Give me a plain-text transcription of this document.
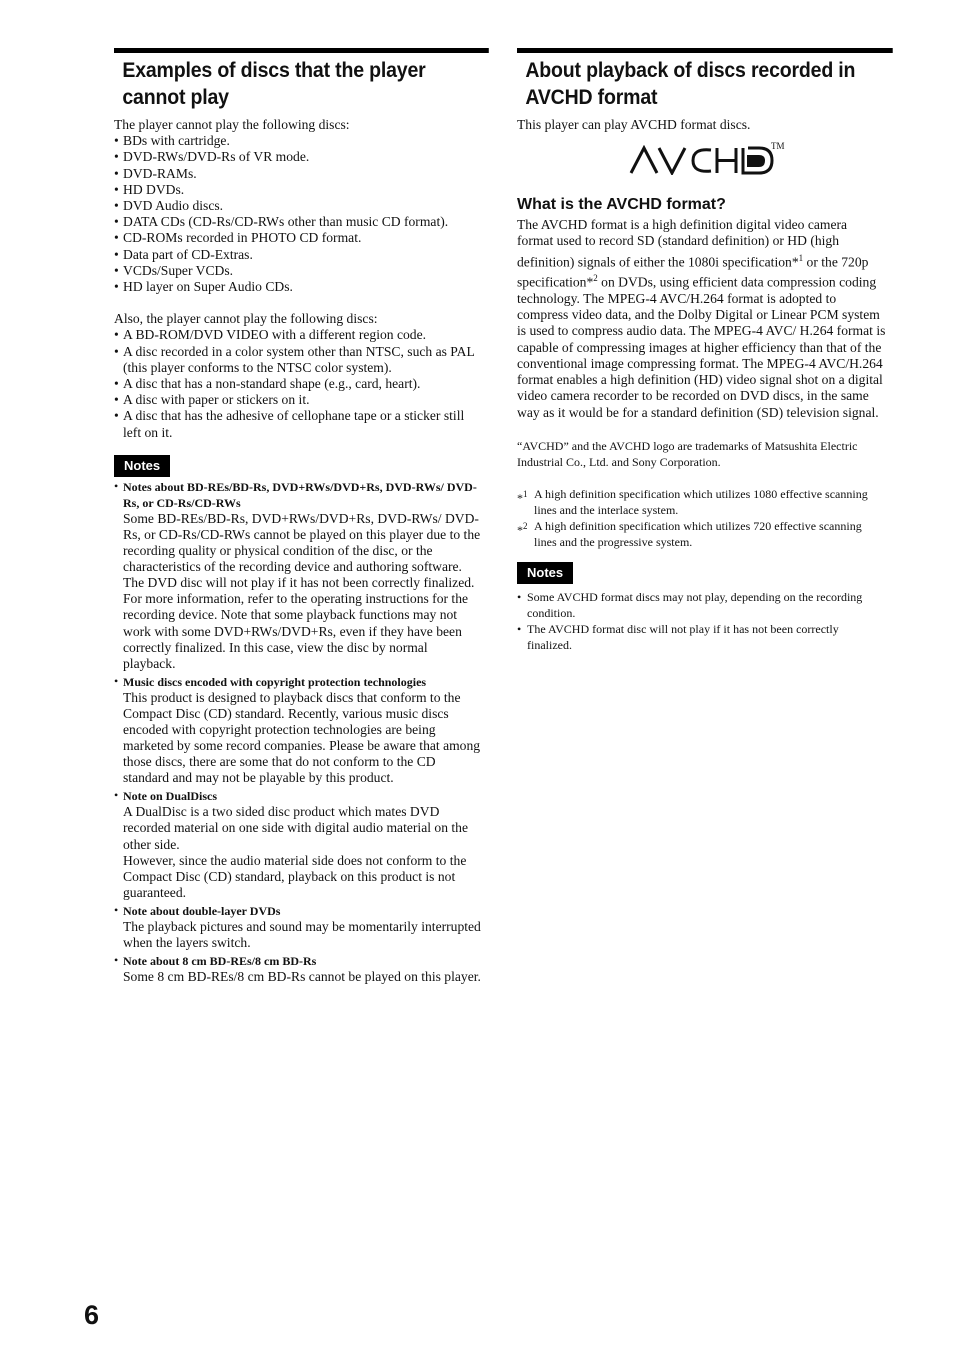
Examples of discs that the player cannot play

The player cannot play the following discs:

• BDs with cartridge.
• DVD-RWs/DVD-Rs of VR mode.
• DVD-RAMs.
• HD DVDs.
• DVD Audio discs.
• DATA CDs (CD-Rs/CD-RWs other than music CD format).
• CD-ROMs recorded in PHOTO CD format.
• Data part of CD-Extras.
• VCDs/Super VCDs.
• HD layer on Super Audio CDs.

Also, the player cannot play the following discs:

• A BD-ROM/DVD VIDEO with a different region code.
• A disc recorded in a color system other than NTSC, such as PAL (this player conforms to the NTSC color system).
• A disc that has a non-standard shape (e.g., card, heart).
• A disc with paper or stickers on it.
• A disc that has the adhesive of cellophane tape or a sticker still left on it.
Notes
• Notes about BD-REs/BD-Rs, DVD+RWs/DVD+Rs, DVD-RWs/ DVD-Rs, or CD-Rs/CD-RWs
Some BD-REs/BD-Rs, DVD+RWs/DVD+Rs, DVD-RWs/ DVD-Rs, or CD-Rs/CD-RWs cannot be played on this player due to the recording quality or physical condition of the disc, or the characteristics of the recording device and authoring software.
The DVD disc will not play if it has not been correctly finalized. For more information, refer to the operating instructions for the recording device. Note that some playback functions may not work with some DVD+RWs/DVD+Rs, even if they have been correctly finalized. In this case, view the disc by normal playback.
• Music discs encoded with copyright protection technologies
This product is designed to playback discs that conform to the Compact Disc (CD) standard. Recently, various music discs encoded with copyright protection technologies are being marketed by some record companies. Please be aware that among those discs, there are some that do not conform to the CD standard and may not be playable by this product.
• Note on DualDiscs
A DualDisc is a two sided disc product which mates DVD recorded material on one side with digital audio material on the other side.
However, since the audio material side does not conform to the Compact Disc (CD) standard, playback on this product is not guaranteed.
• Note about double-layer DVDs
The playback pictures and sound may be momentarily interrupted when the layers switch.
• Note about 8 cm BD-REs/8 cm BD-Rs
Some 8 cm BD-REs/8 cm BD-Rs cannot be played on this player.
About playback of discs recorded in AVCHD format

This player can play AVCHD format discs.

TM
What is the AVCHD format?

The AVCHD format is a high definition digital video camera format used to record SD (standard definition) or HD (high definition) signals of either the 1080i specification*$^1$ or the 720p specification*$^2$ on DVDs, using efficient data compression coding technology. The MPEG-4 AVC/H.264 format is adopted to compress video data, and the Dolby Digital or Linear PCM system is used to compress audio data. The MPEG-4 AVC/ H.264 format is capable of compressing images at higher efficiency than that of the conventional image compressing format. The MPEG-4 AVC/H.264 format enables a high definition (HD) video signal shot on a digital video camera recorder to be recorded on DVD discs, in the same way as it would be for a standard definition (SD) television signal.

“AVCHD” and the AVCHD logo are trademarks of Matsushita Electric Industrial Co., Ltd. and Sony Corporation.

*$^1$ A high definition specification which utilizes 1080 effective scanning lines and the interlace system.
*$^2$ A high definition specification which utilizes 720 effective scanning lines and the progressive system.
Notes
• Some AVCHD format discs may not play, depending on the recording condition.
• The AVCHD format disc will not play if it has not been correctly finalized.
6
